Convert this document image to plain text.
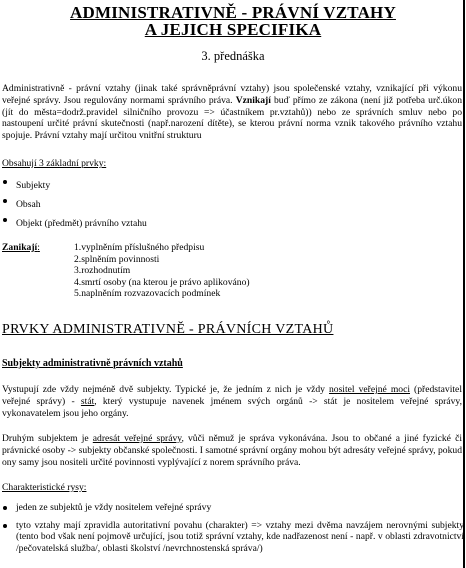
ADMINISTRATIVNĚ - PRÁVNÍ VZTAHY
A JEJICH SPECIFIKA
3. přednáška

Administrativně - právní vztahy (jinak také správněprávní vztahy) jsou společenské vztahy, vznikající při výkonu veřejné správy. Jsou regulovány normami správního práva. Vznikají buď přímo ze zákona (není již potřeba urč.úkon (jít do města=dodrž.pravidel silničního provozu => účastníkem pr.vztahů)) nebo ze správních smluv nebo po nastoupení určité právní skutečnosti (např.narození dítěte), se kterou právní norma vznik takového právního vztahu spojuje. Právní vztahy mají určitou vnitřní strukturu

Obsahují 3 základní prvky:
Subjekty
Obsah
Objekt (předmět) právního vztahu
Zanikají:	1.vyplněním příslušného předpisu
2.splněním povinnosti
3.rozhodnutím
4.smrtí osoby (na kterou je právo aplikováno)
5.naplněním rozvazovacích podmínek
PRVKY ADMINISTRATIVNĚ - PRÁVNÍCH VZTAHŮ
Subjekty administrativně právních vztahů

Vystupují zde vždy nejméně dvě subjekty. Typické je, že jedním z nich je vždy nositel veřejné moci (představitel veřejné správy) - stát, který vystupuje navenek jménem svých orgánů -> stát je nositelem veřejné správy, vykonavatelem jsou jeho orgány.

Druhým subjektem je adresát veřejné správy, vůči němuž je správa vykonávána. Jsou to občané a jiné fyzické či právnické osoby -> subjekty občanské společnosti. I samotné správní orgány mohou být adresáty veřejné správy, pokud ony samy jsou nositeli určité povinnosti vyplývající z norem správního práva.

Charakteristické rysy:
jeden ze subjektů je vždy nositelem veřejné správy
tyto vztahy mají zpravidla autoritativní povahu (charakter) => vztahy mezi dvěma navzájem nerovnými subjekty (tento bod však není pojmově určující, jsou totiž správní vztahy, kde nadřazenost není - např. v oblasti zdravotnictví /pečovatelská služba/, oblasti školství /nevrchnostenská správa/)
